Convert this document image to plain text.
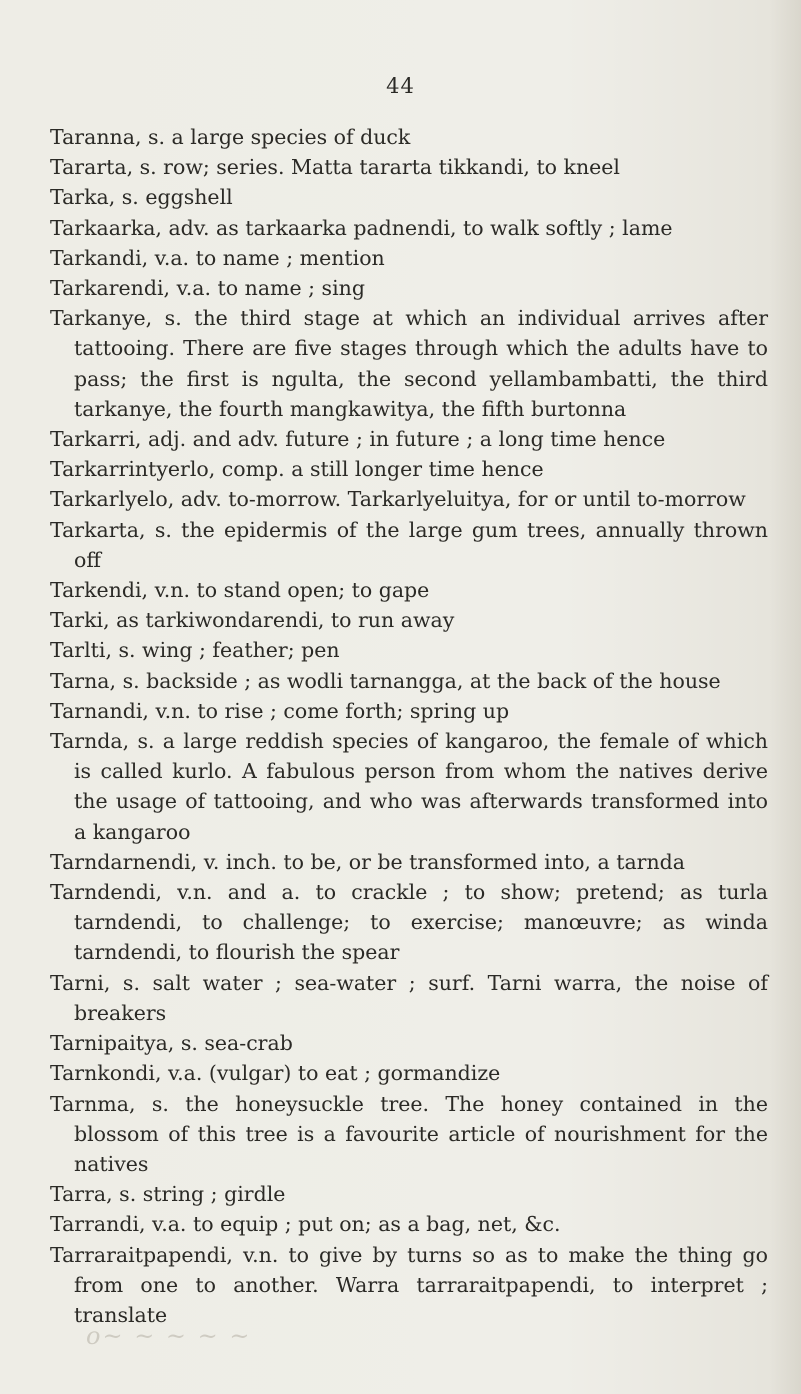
44

Taranna, s. a large species of duck

Tararta, s. row; series. Matta tararta tikkandi, to kneel

Tarka, s. eggshell

Tarkaarka, adv. as tarkaarka padnendi, to walk softly ; lame

Tarkandi, v.a. to name ; mention

Tarkarendi, v.a. to name ; sing

Tarkanye, s. the third stage at which an individual arrives after tattooing. There are five stages through which the adults have to pass; the first is ngulta, the second yellambambatti, the third tarkanye, the fourth mangkawitya, the fifth burtonna

Tarkarri, adj. and adv. future ; in future ; a long time hence

Tarkarrintyerlo, comp. a still longer time hence

Tarkarlyelo, adv. to-morrow. Tarkarlyeluitya, for or until to-morrow

Tarkarta, s. the epidermis of the large gum trees, annually thrown off

Tarkendi, v.n. to stand open; to gape

Tarki, as tarkiwondarendi, to run away

Tarlti, s. wing ; feather; pen

Tarna, s. backside ; as wodli tarnangga, at the back of the house

Tarnandi, v.n. to rise ; come forth; spring up

Tarnda, s. a large reddish species of kangaroo, the female of which is called kurlo. A fabulous person from whom the natives derive the usage of tattooing, and who was afterwards transformed into a kangaroo

Tarndarnendi, v. inch. to be, or be transformed into, a tarnda

Tarndendi, v.n. and a. to crackle ; to show; pretend; as turla tarndendi, to challenge; to exercise; manœuvre; as winda tarndendi, to flourish the spear

Tarni, s. salt water ; sea-water ; surf. Tarni warra, the noise of breakers

Tarnipaitya, s. sea-crab

Tarnkondi, v.a. (vulgar) to eat ; gormandize

Tarnma, s. the honeysuckle tree. The honey contained in the blossom of this tree is a favourite article of nourishment for the natives

Tarra, s. string ; girdle

Tarrandi, v.a. to equip ; put on; as a bag, net, &c.

Tarraraitpapendi, v.n. to give by turns so as to make the thing go from one to another. Warra tarraraitpapendi, to interpret ; translate

o~ ~ ~ ~ ~
